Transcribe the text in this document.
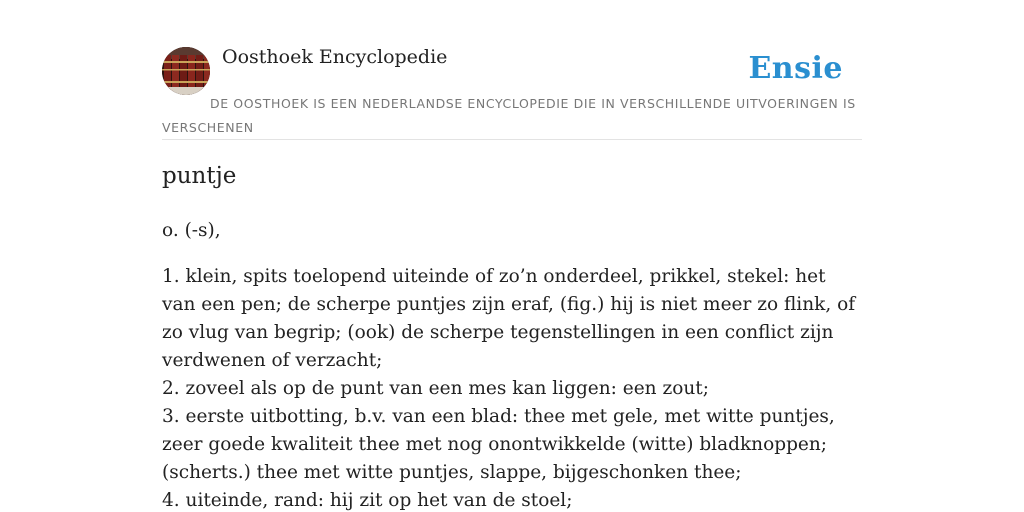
Oosthoek Encyclopedie	Ensie
DE OOSTHOEK IS EEN NEDERLANDSE ENCYCLOPEDIE DIE IN VERSCHILLENDE UITVOERINGEN IS VERSCHENEN
puntje
o. (-s),

1. klein, spits toelopend uiteinde of zo’n onderdeel, prikkel, stekel: het van een pen; de scherpe puntjes zijn eraf, (fig.) hij is niet meer zo flink, of zo vlug van begrip; (ook) de scherpe tegenstellingen in een conflict zijn verdwenen of verzacht;

2. zoveel als op de punt van een mes kan liggen: een zout;

3. eerste uitbotting, b.v. van een blad: thee met gele, met witte puntjes, zeer goede kwaliteit thee met nog onontwikkelde (witte) bladknoppen; (scherts.) thee met witte puntjes, slappe, bijgeschonken thee;

4. uiteinde, rand: hij zit op het van de stoel;
